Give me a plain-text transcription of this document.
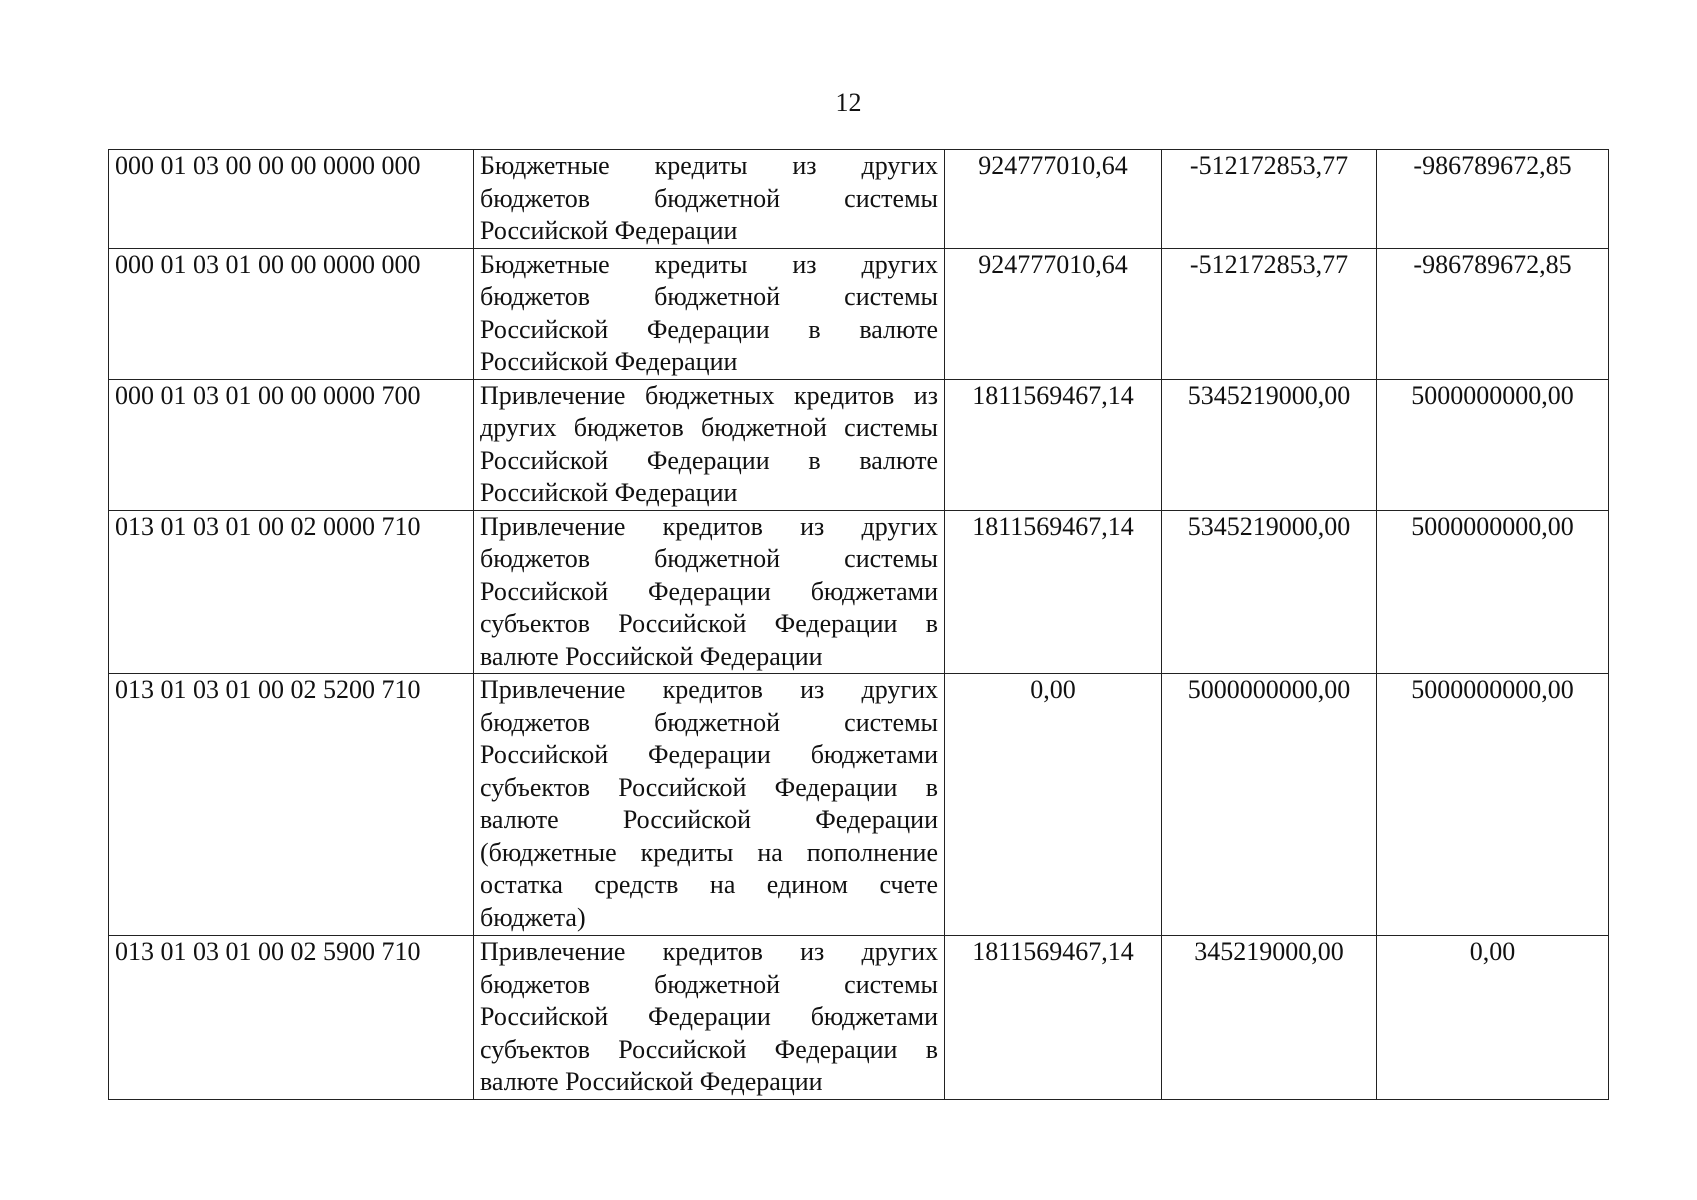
12
000 01 03 00 00 00 0000 000	Бюджетные кредиты из других бюджетов бюджетной системы Российской Федерации	924777010,64	-512172853,77	-986789672,85
000 01 03 01 00 00 0000 000	Бюджетные кредиты из других бюджетов бюджетной системы Российской Федерации в валюте Российской Федерации	924777010,64	-512172853,77	-986789672,85
000 01 03 01 00 00 0000 700	Привлечение бюджетных кредитов из других бюджетов бюджетной системы Российской Федерации в валюте Российской Федерации	1811569467,14	5345219000,00	5000000000,00
013 01 03 01 00 02 0000 710	Привлечение кредитов из других бюджетов бюджетной системы Российской Федерации бюджетами субъектов Российской Федерации в валюте Российской Федерации	1811569467,14	5345219000,00	5000000000,00
013 01 03 01 00 02 5200 710	Привлечение кредитов из других бюджетов бюджетной системы Российской Федерации бюджетами субъектов Российской Федерации в валюте Российской Федерации (бюджетные кредиты на пополнение остатка средств на едином счете бюджета)	0,00	5000000000,00	5000000000,00
013 01 03 01 00 02 5900 710	Привлечение кредитов из других бюджетов бюджетной системы Российской Федерации бюджетами субъектов Российской Федерации в валюте Российской Федерации	1811569467,14	345219000,00	0,00
